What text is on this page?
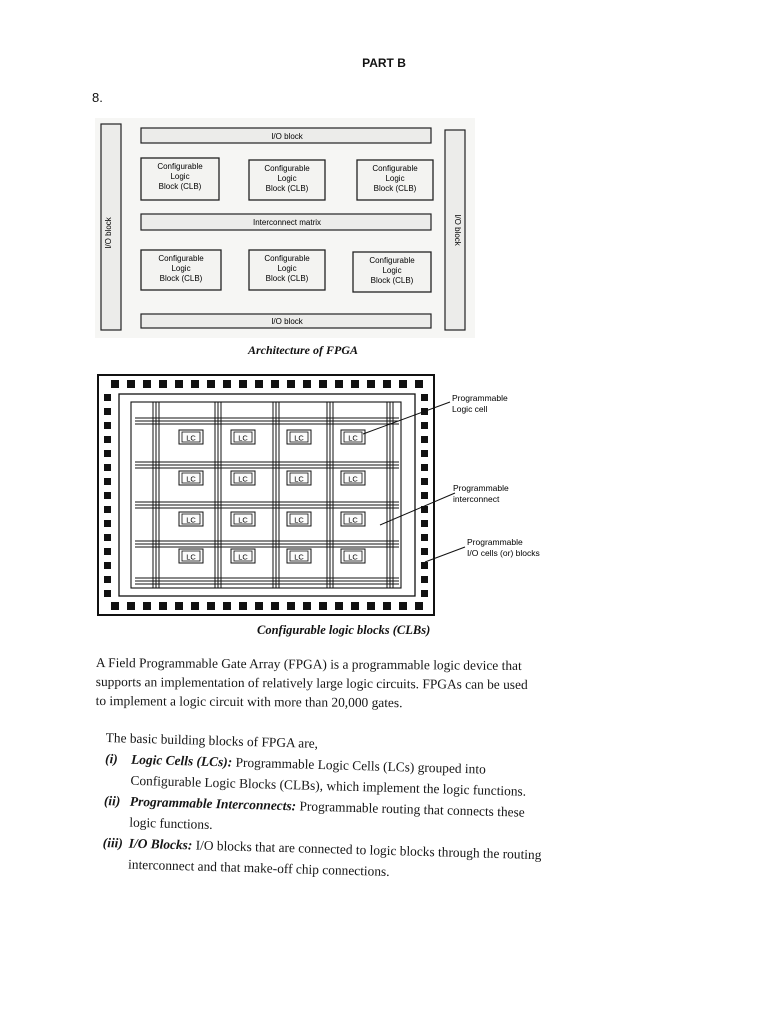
PART B
8.
I/O block	I/O block
I/O block
I/O block
Interconnect matrix
Configurable
Logic
Block (CLB)
Configurable
Logic
Block (CLB)
Configurable
Logic
Block (CLB)
Configurable
Logic
Block (CLB)
Configurable
Logic
Block (CLB)
Configurable
Logic
Block (CLB)
Architecture of FPGA
LC	LC	LC	LC
LC	LC	LC	LC
LC	LC	LC	LC
LC	LC	LC	LC
Programmable
Logic cell
Programmable
interconnect
Programmable
I/O cells (or) blocks
Configurable logic blocks (CLBs)
A Field Programmable Gate Array (FPGA) is a programmable logic device that
supports an implementation of relatively large logic circuits. FPGAs can be used
to implement a logic circuit with more than 20,000 gates.
The basic building blocks of FPGA are,
(i) Logic Cells (LCs): Programmable Logic Cells (LCs) grouped into
Configurable Logic Blocks (CLBs), which implement the logic functions.
(ii) Programmable Interconnects: Programmable routing that connects these
logic functions.
(iii) I/O Blocks: I/O blocks that are connected to logic blocks through the routing
interconnect and that make-off chip connections.
